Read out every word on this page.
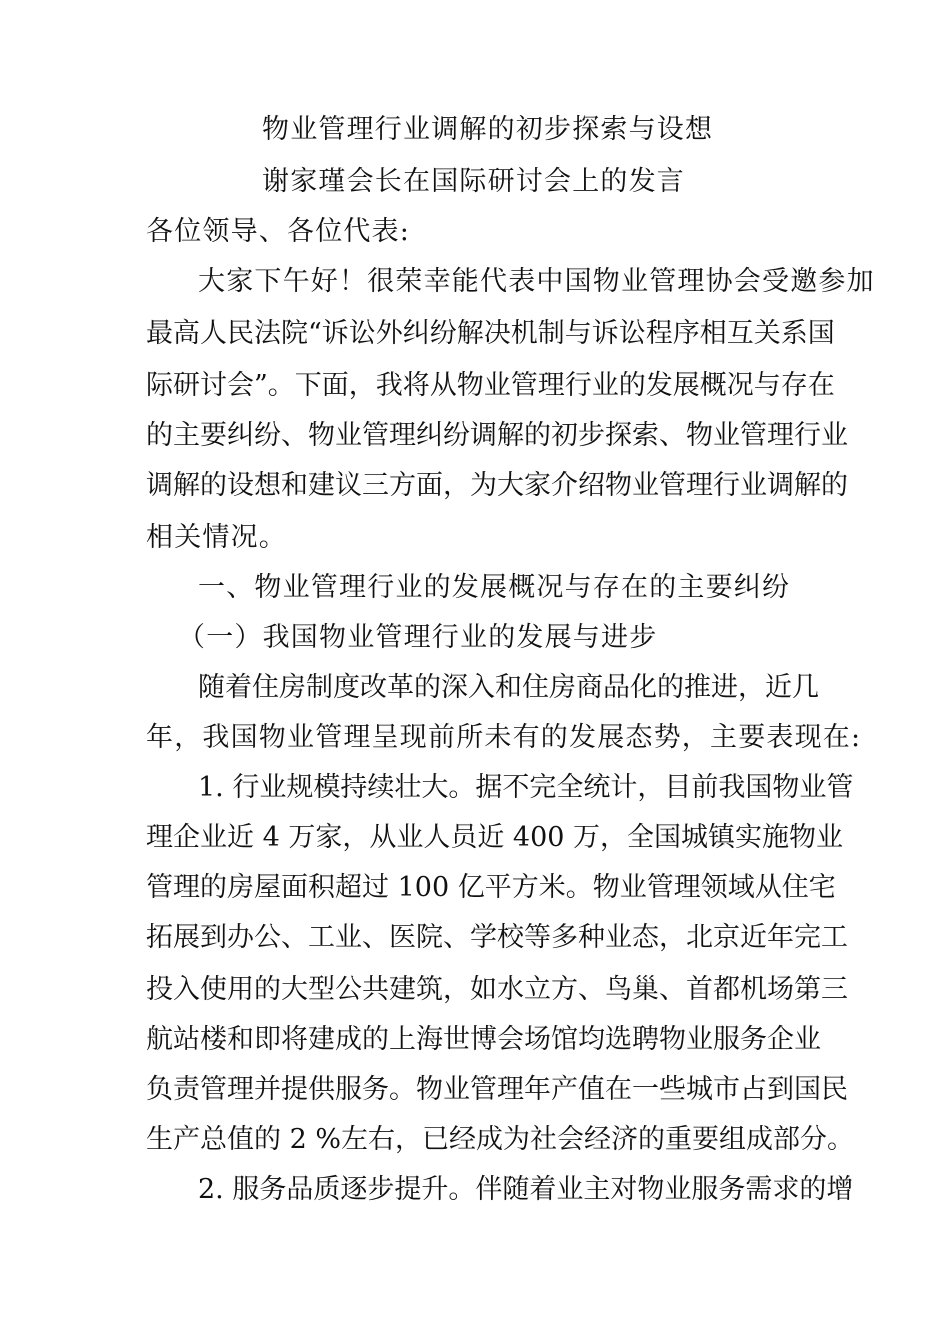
物业管理行业调解的初步探索与设想
谢家瑾会长在国际研讨会上的发言
各位领导、各位代表:
大家下午好！很荣幸能代表中国物业管理协会受邀参加
最高人民法院“诉讼外纠纷解决机制与诉讼程序相互关系国
际研讨会”。下面，我将从物业管理行业的发展概况与存在
的主要纠纷、物业管理纠纷调解的初步探索、物业管理行业
调解的设想和建议三方面，为大家介绍物业管理行业调解的
相关情况。
一、物业管理行业的发展概况与存在的主要纠纷
（一）我国物业管理行业的发展与进步
随着住房制度改革的深入和住房商品化的推进，近几
年，我国物业管理呈现前所未有的发展态势，主要表现在:
1. 行业规模持续壮大。据不完全统计，目前我国物业管
理企业近 4 万家，从业人员近 400 万，全国城镇实施物业
管理的房屋面积超过 100 亿平方米。物业管理领域从住宅
拓展到办公、工业、医院、学校等多种业态，北京近年完工
投入使用的大型公共建筑，如水立方、鸟巢、首都机场第三
航站楼和即将建成的上海世博会场馆均选聘物业服务企业
负责管理并提供服务。物业管理年产值在一些城市占到国民
生产总值的 2 %左右，已经成为社会经济的重要组成部分。
2. 服务品质逐步提升。伴随着业主对物业服务需求的增
